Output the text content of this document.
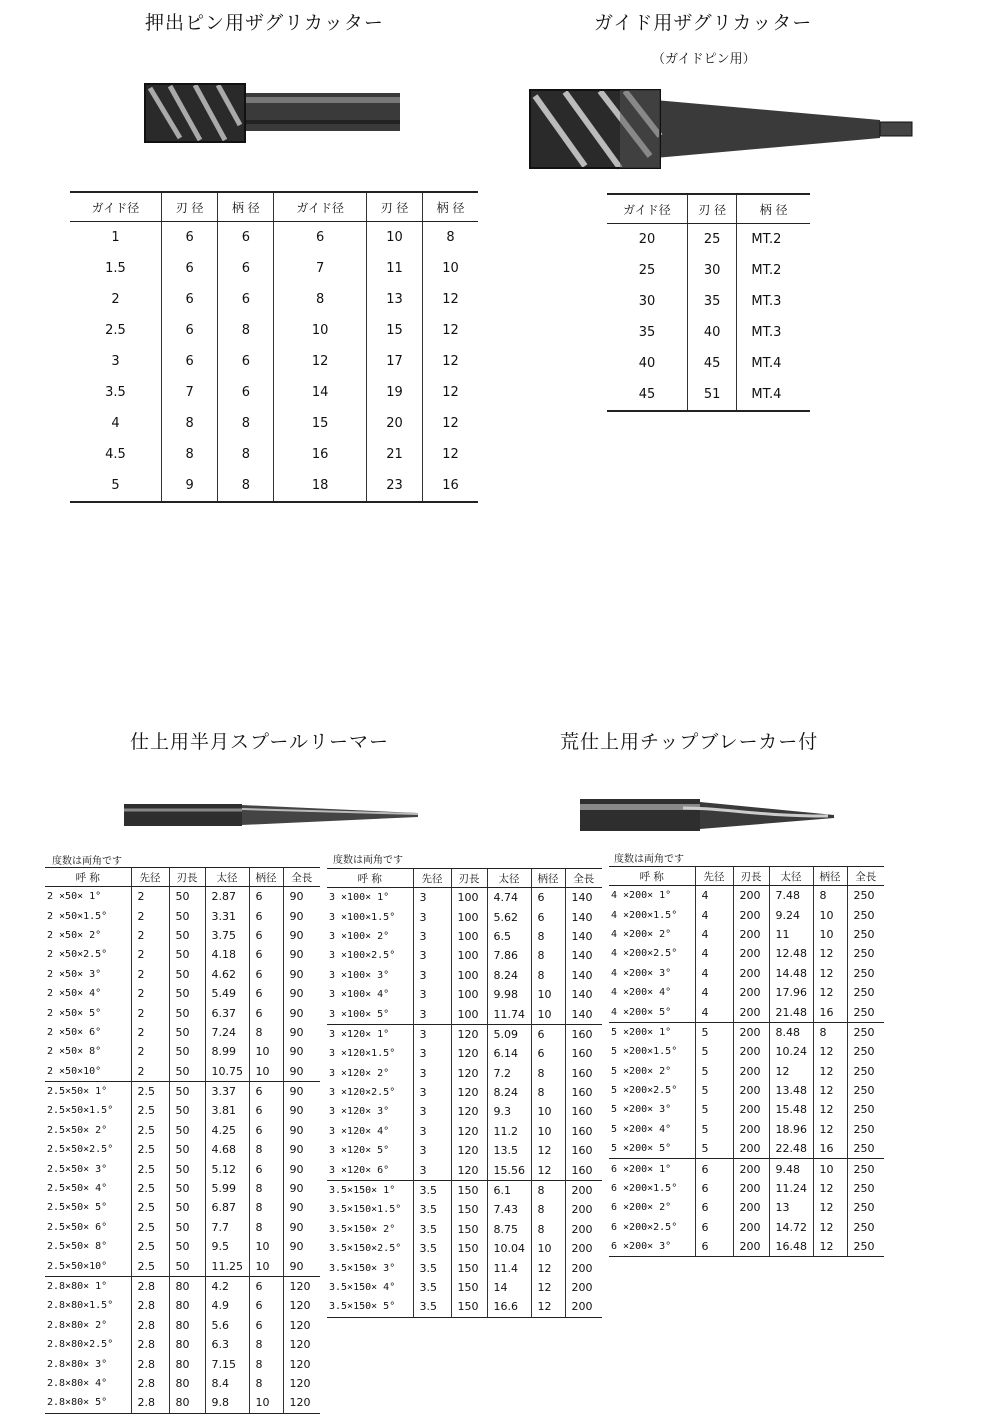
押出ピン用ザグリカッター	ガイド用ザグリカッター
（ガイドピン用）
仕上用半月スプールリーマー	荒仕上用チップブレーカー付
ガイド径	刃 径	柄 径	ガイド径	刃 径	柄 径
1	6	6	6	10	8
1.5	6	6	7	11	10
2	6	6	8	13	12
2.5	6	8	10	15	12
3	6	6	12	17	12
3.5	7	6	14	19	12
4	8	8	15	20	12
4.5	8	8	16	21	12
5	9	8	18	23	16
ガイド径	刃 径	柄 径
20	25	MT.2
25	30	MT.2
30	35	MT.3
35	40	MT.3
40	45	MT.4
45	51	MT.4
度数は両角です	度数は両角です	度数は両角です
呼 称	先径	刃長	太径	柄径	全長
2 ×50× 1°	2	50	2.87	6	90
2 ×50×1.5°	2	50	3.31	6	90
2 ×50× 2°	2	50	3.75	6	90
2 ×50×2.5°	2	50	4.18	6	90
2 ×50× 3°	2	50	4.62	6	90
2 ×50× 4°	2	50	5.49	6	90
2 ×50× 5°	2	50	6.37	6	90
2 ×50× 6°	2	50	7.24	8	90
2 ×50× 8°	2	50	8.99	10	90
2 ×50×10°	2	50	10.75	10	90
2.5×50× 1°	2.5	50	3.37	6	90
2.5×50×1.5°	2.5	50	3.81	6	90
2.5×50× 2°	2.5	50	4.25	6	90
2.5×50×2.5°	2.5	50	4.68	8	90
2.5×50× 3°	2.5	50	5.12	6	90
2.5×50× 4°	2.5	50	5.99	8	90
2.5×50× 5°	2.5	50	6.87	8	90
2.5×50× 6°	2.5	50	7.7	8	90
2.5×50× 8°	2.5	50	9.5	10	90
2.5×50×10°	2.5	50	11.25	10	90
2.8×80× 1°	2.8	80	4.2	6	120
2.8×80×1.5°	2.8	80	4.9	6	120
2.8×80× 2°	2.8	80	5.6	6	120
2.8×80×2.5°	2.8	80	6.3	8	120
2.8×80× 3°	2.8	80	7.15	8	120
2.8×80× 4°	2.8	80	8.4	8	120
2.8×80× 5°	2.8	80	9.8	10	120
呼 称	先径	刃長	太径	柄径	全長
3 ×100× 1°	3	100	4.74	6	140
3 ×100×1.5°	3	100	5.62	6	140
3 ×100× 2°	3	100	6.5	8	140
3 ×100×2.5°	3	100	7.86	8	140
3 ×100× 3°	3	100	8.24	8	140
3 ×100× 4°	3	100	9.98	10	140
3 ×100× 5°	3	100	11.74	10	140
3 ×120× 1°	3	120	5.09	6	160
3 ×120×1.5°	3	120	6.14	6	160
3 ×120× 2°	3	120	7.2	8	160
3 ×120×2.5°	3	120	8.24	8	160
3 ×120× 3°	3	120	9.3	10	160
3 ×120× 4°	3	120	11.2	10	160
3 ×120× 5°	3	120	13.5	12	160
3 ×120× 6°	3	120	15.56	12	160
3.5×150× 1°	3.5	150	6.1	8	200
3.5×150×1.5°	3.5	150	7.43	8	200
3.5×150× 2°	3.5	150	8.75	8	200
3.5×150×2.5°	3.5	150	10.04	10	200
3.5×150× 3°	3.5	150	11.4	12	200
3.5×150× 4°	3.5	150	14	12	200
3.5×150× 5°	3.5	150	16.6	12	200
呼 称	先径	刃長	太径	柄径	全長
4 ×200× 1°	4	200	7.48	8	250
4 ×200×1.5°	4	200	9.24	10	250
4 ×200× 2°	4	200	11	10	250
4 ×200×2.5°	4	200	12.48	12	250
4 ×200× 3°	4	200	14.48	12	250
4 ×200× 4°	4	200	17.96	12	250
4 ×200× 5°	4	200	21.48	16	250
5 ×200× 1°	5	200	8.48	8	250
5 ×200×1.5°	5	200	10.24	12	250
5 ×200× 2°	5	200	12	12	250
5 ×200×2.5°	5	200	13.48	12	250
5 ×200× 3°	5	200	15.48	12	250
5 ×200× 4°	5	200	18.96	12	250
5 ×200× 5°	5	200	22.48	16	250
6 ×200× 1°	6	200	9.48	10	250
6 ×200×1.5°	6	200	11.24	12	250
6 ×200× 2°	6	200	13	12	250
6 ×200×2.5°	6	200	14.72	12	250
6 ×200× 3°	6	200	16.48	12	250
